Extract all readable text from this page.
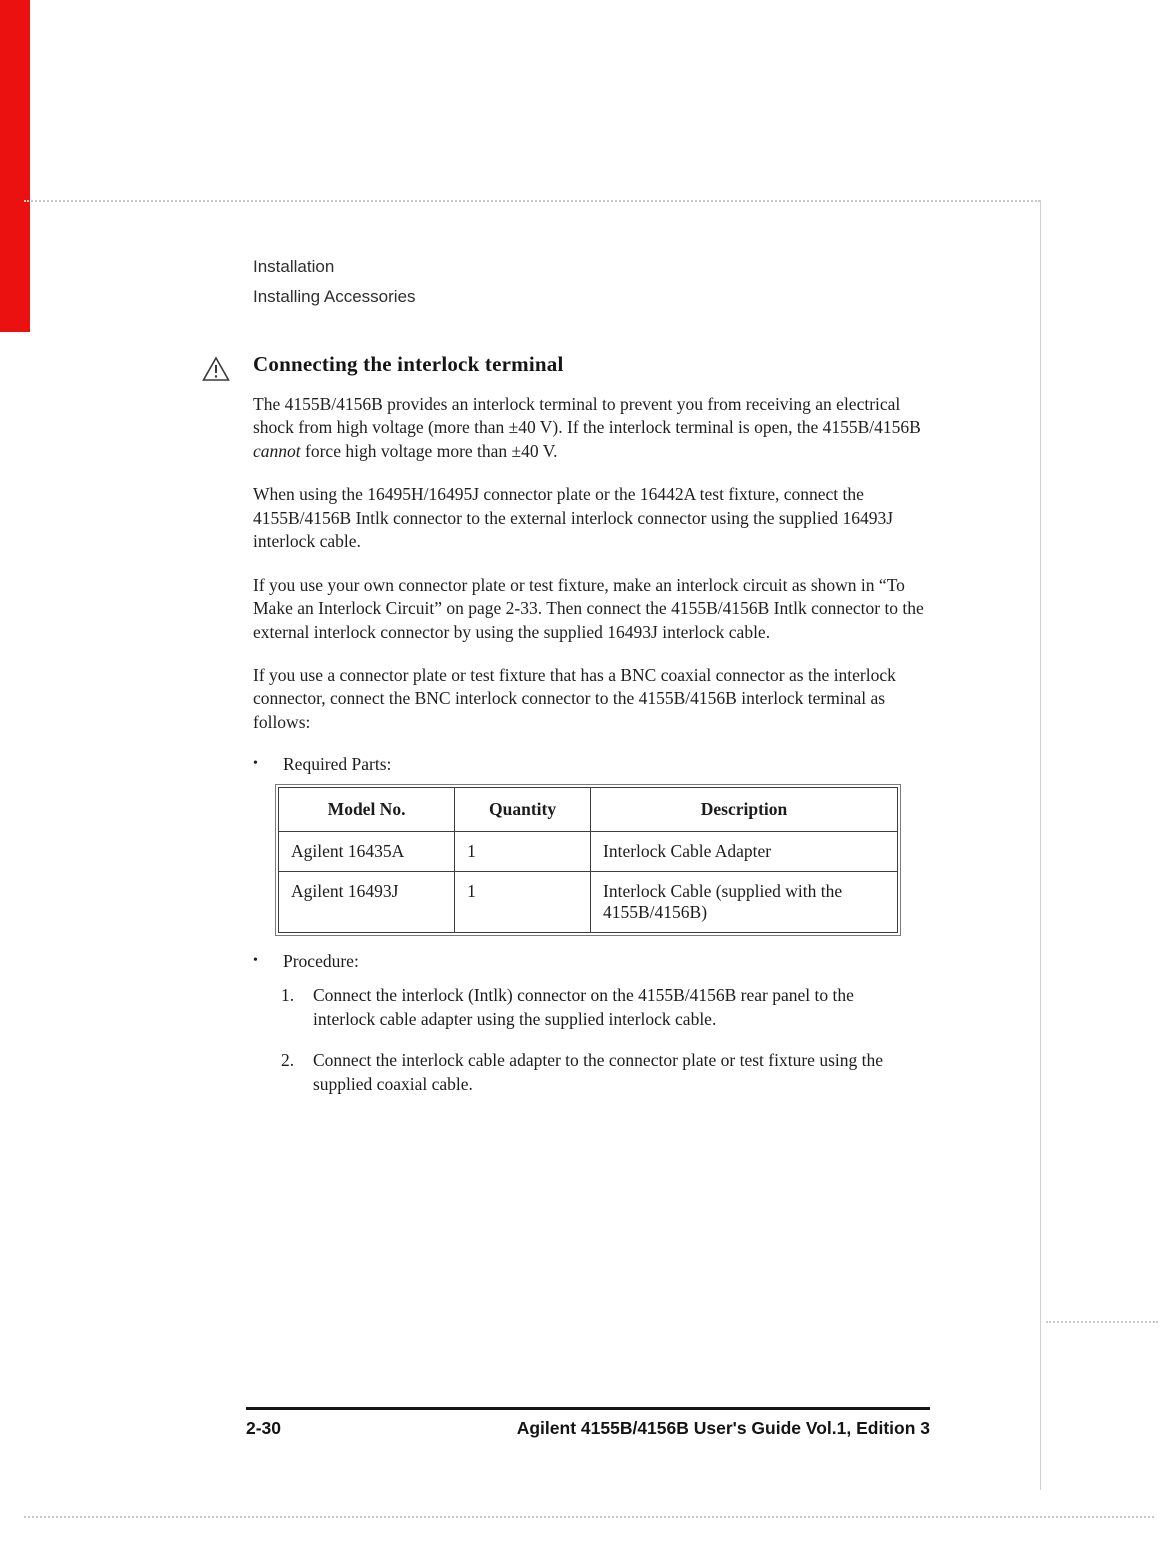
Installation
Installing Accessories
Connecting the interlock terminal

The 4155B/4156B provides an interlock terminal to prevent you from receiving an electrical shock from high voltage (more than ±40 V). If the interlock terminal is open, the 4155B/4156B cannot force high voltage more than ±40 V.

When using the 16495H/16495J connector plate or the 16442A test fixture, connect the 4155B/4156B Intlk connector to the external interlock connector using the supplied 16493J interlock cable.

If you use your own connector plate or test fixture, make an interlock circuit as shown in “To Make an Interlock Circuit” on page 2-33. Then connect the 4155B/4156B Intlk connector to the external interlock connector by using the supplied 16493J interlock cable.

If you use a connector plate or test fixture that has a BNC coaxial connector as the interlock connector, connect the BNC interlock connector to the 4155B/4156B interlock terminal as follows:

•	Required Parts:
Model No.	Quantity	Description
Agilent 16435A	1	Interlock Cable Adapter
Agilent 16493J	1	Interlock Cable (supplied with the 4155B/4156B)
•	Procedure:
1.	Connect the interlock (Intlk) connector on the 4155B/4156B rear panel to the interlock cable adapter using the supplied interlock cable.
2.	Connect the interlock cable adapter to the connector plate or test fixture using the supplied coaxial cable.
2-30	Agilent 4155B/4156B User's Guide Vol.1, Edition 3
